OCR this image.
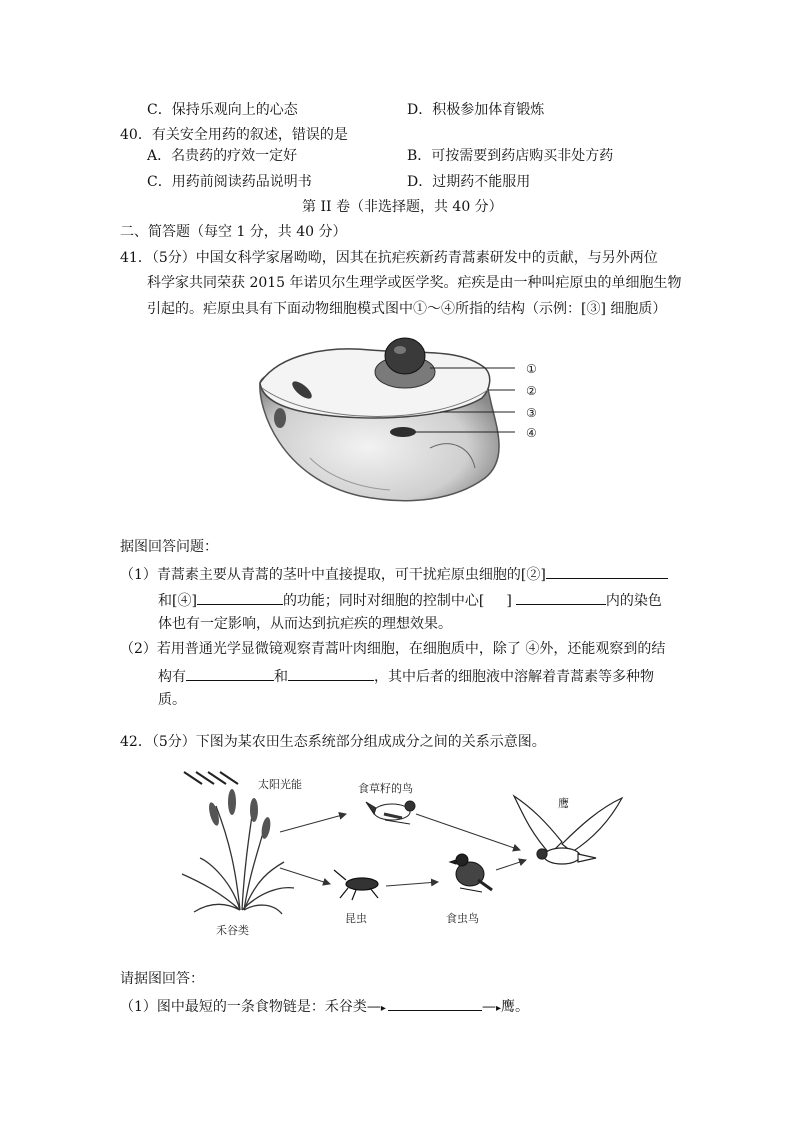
C．保持乐观向上的心态	D．积极参加体育锻炼
40．有关安全用药的叙述，错误的是
A．名贵药的疗效一定好	B．可按需要到药店购买非处方药
C．用药前阅读药品说明书	D．过期药不能服用
第 II 卷（非选择题，共 40 分）
二、简答题（每空 1 分，共 40 分）
41．（5分）中国女科学家屠呦呦，因其在抗疟疾新药青蒿素研发中的贡献，与另外两位
科学家共同荣获 2015 年诺贝尔生理学或医学奖。疟疾是由一种叫疟原虫的单细胞生物
引起的。疟原虫具有下面动物细胞模式图中①～④所指的结构（示例：[③] 细胞质）
①
②
③
④
据图回答问题：
（1）青蒿素主要从青蒿的茎叶中直接提取，可干扰疟原虫细胞的[②]
和[④]	的功能；同时对细胞的控制中心[ ]	内的染色
体也有一定影响，从而达到抗疟疾的理想效果。
（2）若用普通光学显微镜观察青蒿叶肉细胞，在细胞质中，除了 ④外，还能观察到的结
构有	和	，其中后者的细胞液中溶解着青蒿素等多种物
质。
42．（5分）下图为某农田生态系统部分组成成分之间的关系示意图。
太阳光能
禾谷类
食草籽的鸟
昆虫	食虫鸟
鹰
请据图回答：
（1）图中最短的一条食物链是：禾谷类—▸	—▸鹰。
